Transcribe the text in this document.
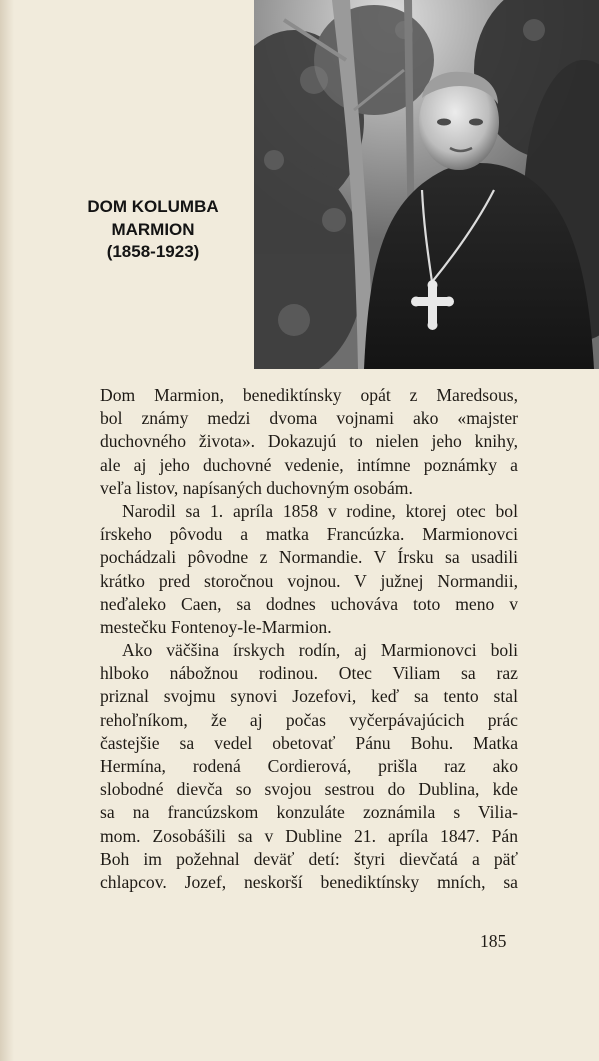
DOM KOLUMBA
MARMION
(1858-1923)
Dom Marmion, benediktínsky opát z Maredsous,
bol známy medzi dvoma vojnami ako «majster
duchovného života». Dokazujú to nielen jeho knihy,
ale aj jeho duchovné vedenie, intímne poznámky a
veľa listov, napísaných duchovným osobám.
Narodil sa 1. apríla 1858 v rodine, ktorej otec bol
írskeho pôvodu a matka Francúzka. Marmionovci
pochádzali pôvodne z Normandie. V Írsku sa usadili
krátko pred storočnou vojnou. V južnej Normandii,
neďaleko Caen, sa dodnes uchováva toto meno v
mestečku Fontenoy-le-Marmion.
Ako väčšina írskych rodín, aj Marmionovci boli
hlboko nábožnou rodinou. Otec Viliam sa raz
priznal svojmu synovi Jozefovi, keď sa tento stal
rehoľníkom, že aj počas vyčerpávajúcich prác
častejšie sa vedel obetovať Pánu Bohu. Matka
Hermína, rodená Cordierová, prišla raz ako
slobodné dievča so svojou sestrou do Dublina, kde
sa na francúzskom konzuláte zoznámila s Vilia-
mom. Zosobášili sa v Dubline 21. apríla 1847. Pán
Boh im požehnal deväť detí: štyri dievčatá a päť
chlapcov. Jozef, neskorší benediktínsky mních, sa
185
